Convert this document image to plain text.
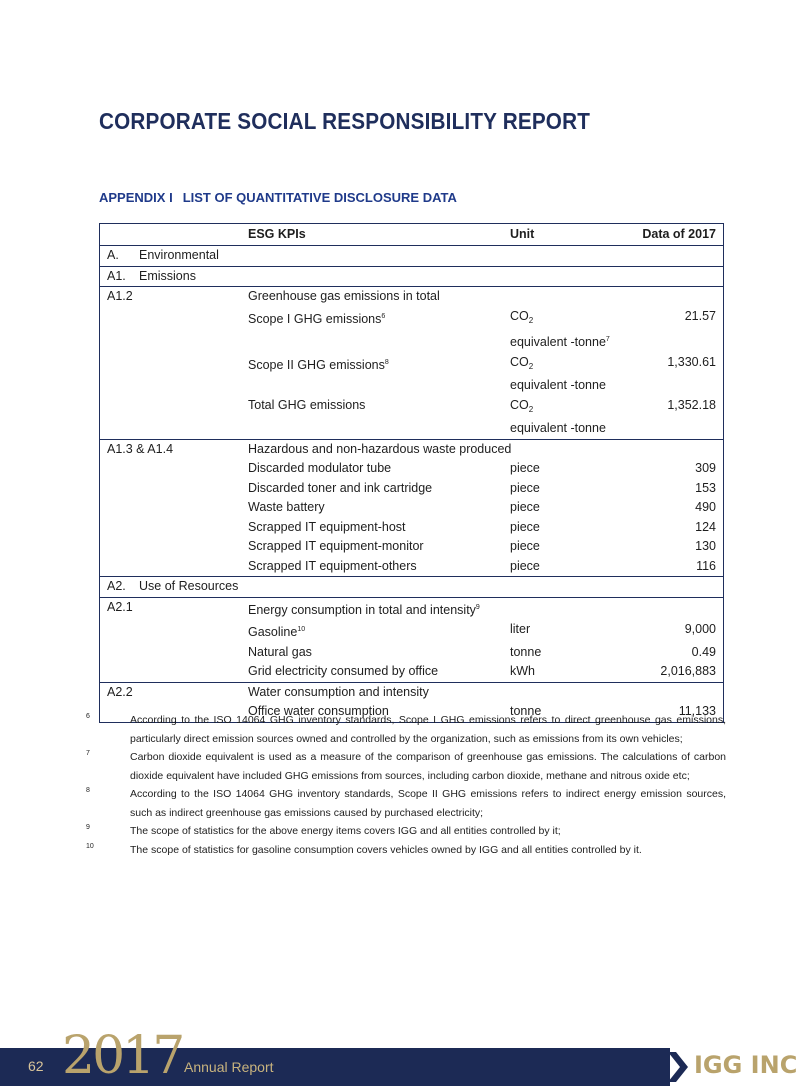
CORPORATE SOCIAL RESPONSIBILITY REPORT
APPENDIX I LIST OF QUANTITATIVE DISCLOSURE DATA
	ESG KPIs	Unit	Data of 2017
A. Environmental			
A1. Emissions			
A1.2	Greenhouse gas emissions in total		
	Scope I GHG emissions$^6$	$CO_2$	21.57
		equivalent -tonne$^7$	
	Scope II GHG emissions$^8$	$CO_2$	1,330.61
		equivalent -tonne	
	Total GHG emissions	$CO_2$	1,352.18
		equivalent -tonne	
A1.3 & A1.4	Hazardous and non-hazardous waste produced		
	Discarded modulator tube	piece	309
	Discarded toner and ink cartridge	piece	153
	Waste battery	piece	490
	Scrapped IT equipment-host	piece	124
	Scrapped IT equipment-monitor	piece	130
	Scrapped IT equipment-others	piece	116
A2. Use of Resources			
A2.1	Energy consumption in total and intensity$^9$
	Gasoline$^{10}$	liter	9,000
	Natural gas	tonne	0.49
	Grid electricity consumed by office	kWh	2,016,883
A2.2	Water consumption and intensity		
	Office water consumption	tonne	11,133
6	According to the ISO 14064 GHG inventory standards, Scope I GHG emissions refers to direct greenhouse gas emissions, particularly direct emission sources owned and controlled by the organization, such as emissions from its own vehicles;
7	Carbon dioxide equivalent is used as a measure of the comparison of greenhouse gas emissions. The calculations of carbon dioxide equivalent have included GHG emissions from sources, including carbon dioxide, methane and nitrous oxide etc;
8	According to the ISO 14064 GHG inventory standards, Scope II GHG emissions refers to indirect energy emission sources, such as indirect greenhouse gas emissions caused by purchased electricity;
9	The scope of statistics for the above energy items covers IGG and all entities controlled by it;
10	The scope of statistics for gasoline consumption covers vehicles owned by IGG and all entities controlled by it.
62 2017 Annual Report	IGG INC
